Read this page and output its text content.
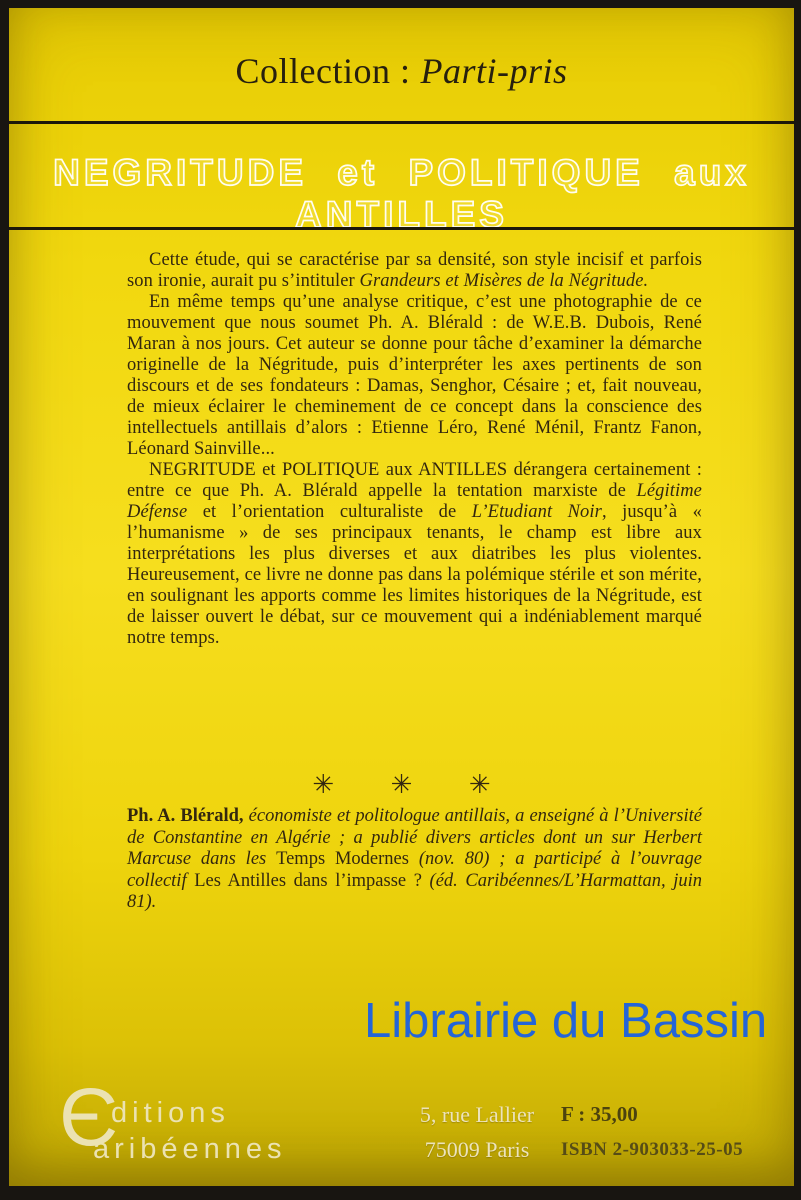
Collection : Parti-pris
NEGRITUDE et POLITIQUE aux ANTILLES

Cette étude, qui se caractérise par sa densité, son style incisif et parfois son ironie, aurait pu s’intituler Grandeurs et Misères de la Négritude.

En même temps qu’une analyse critique, c’est une photographie de ce mouvement que nous soumet Ph. A. Blérald : de W.E.B. Dubois, René Maran à nos jours. Cet auteur se donne pour tâche d’examiner la démarche originelle de la Négritude, puis d’interpréter les axes pertinents de son discours et de ses fondateurs : Damas, Senghor, Césaire ; et, fait nouveau, de mieux éclairer le cheminement de ce concept dans la conscience des intellectuels antillais d’alors : Etienne Léro, René Ménil, Frantz Fanon, Léonard Sainville...

NEGRITUDE et POLITIQUE aux ANTILLES dérangera certainement : entre ce que Ph. A. Blérald appelle la tentation marxiste de Légitime Défense et l’orientation culturaliste de L’Etudiant Noir, jusqu’à « l’humanisme » de ses principaux tenants, le champ est libre aux interprétations les plus diverses et aux diatribes les plus violentes. Heureusement, ce livre ne donne pas dans la polémique stérile et son mérite, en soulignant les apports comme les limites historiques de la Négritude, est de laisser ouvert le débat, sur ce mouvement qui a indéniablement marqué notre temps.

✳ ✳ ✳

Ph. A. Blérald, économiste et politologue antillais, a enseigné à l’Université de Constantine en Algérie ; a publié divers articles dont un sur Herbert Marcuse dans les Temps Modernes (nov. 80) ; a participé à l’ouvrage collectif Les Antilles dans l’impasse ? (éd. Caribéennes/L’Harmattan, juin 81).

Librairie du Bassin
Є
ditions
aribéennes
5, rue Lallier
75009 Paris
F : 35,00
ISBN 2-903033-25-05
